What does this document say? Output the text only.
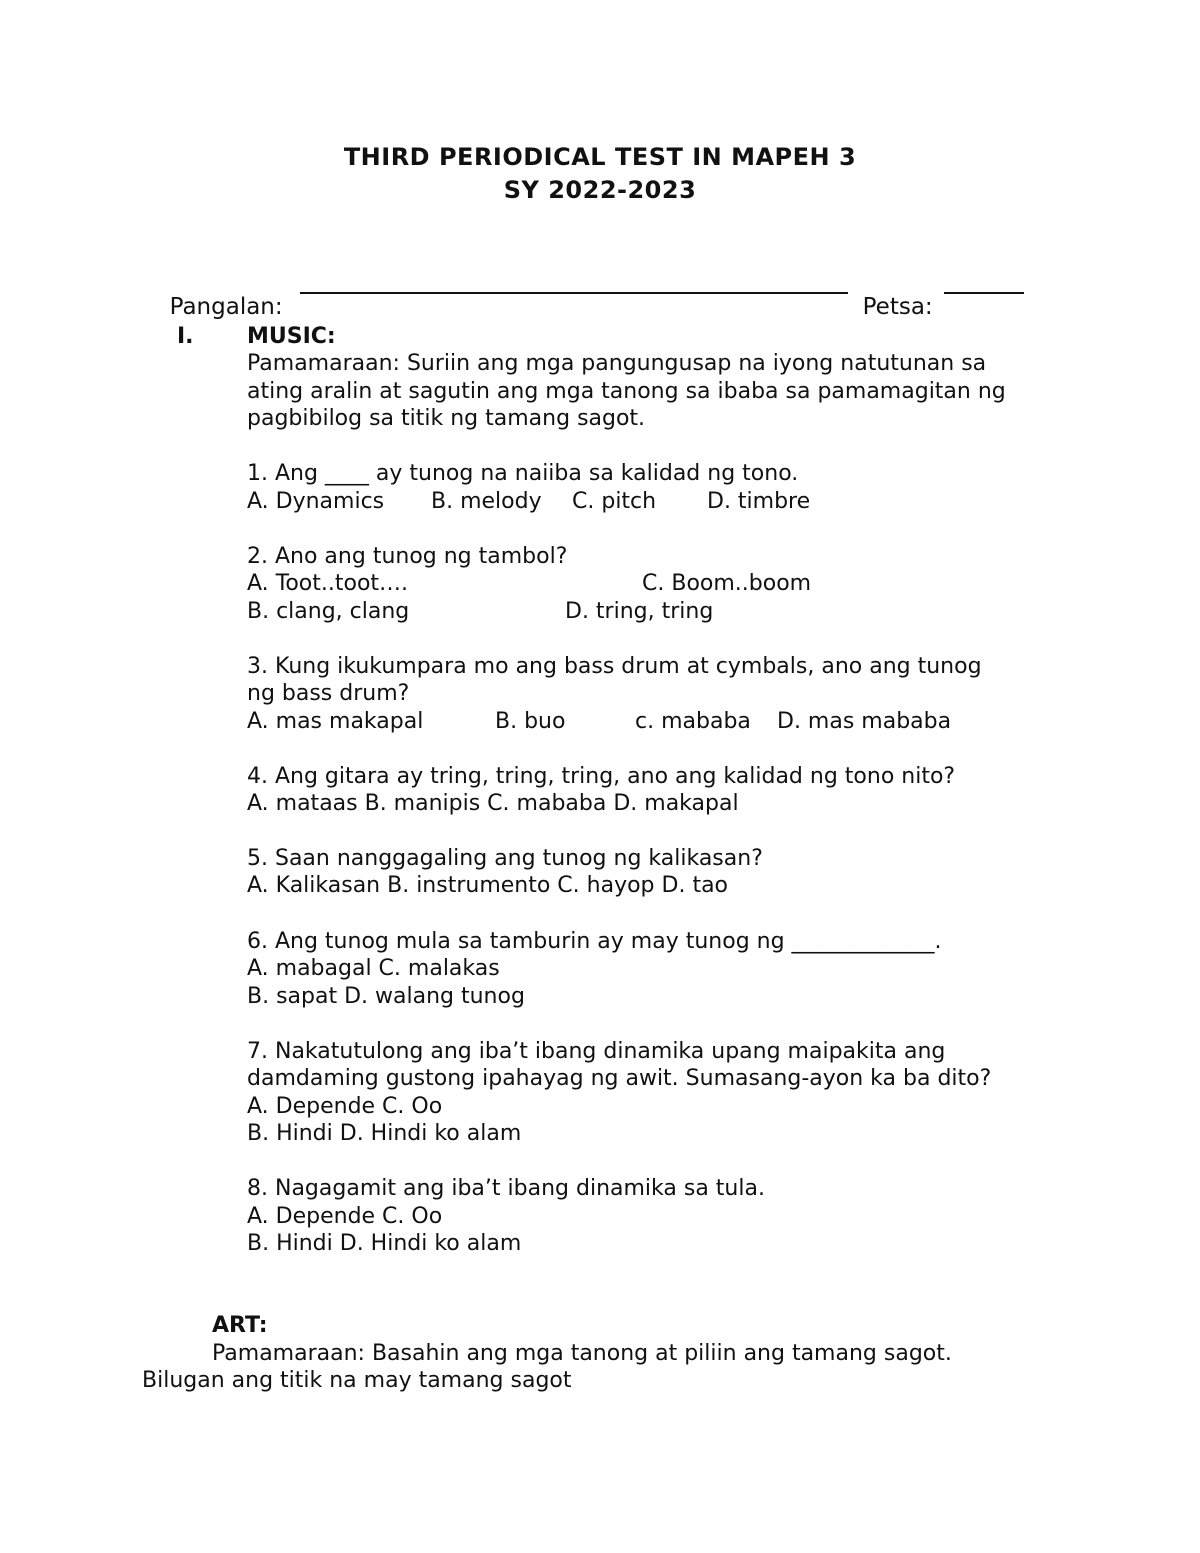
THIRD PERIODICAL TEST IN MAPEH 3
SY 2022-2023

Pangalan:	Petsa:

I. MUSIC:
Pamamaraan: Suriin ang mga pangungusap na iyong natutunan sa
ating aralin at sagutin ang mga tanong sa ibaba sa pamamagitan ng
pagbibilog sa titik ng tamang sagot.
1. Ang ____ ay tunog na naiiba sa kalidad ng tono.
A. Dynamics B. melody C. pitch D. timbre
2. Ano ang tunog ng tambol?
A. Toot..toot….	C. Boom..boom
B. clang, clang	D. tring, tring
3. Kung ikukumpara mo ang bass drum at cymbals, ano ang tunog
ng bass drum?
A. mas makapal	B. buo	c. mababa D. mas mababa
4. Ang gitara ay tring, tring, tring, ano ang kalidad ng tono nito?
A. mataas B. manipis C. mababa D. makapal
5. Saan nanggagaling ang tunog ng kalikasan?
A. Kalikasan B. instrumento C. hayop D. tao
6. Ang tunog mula sa tamburin ay may tunog ng _____________.
A. mabagal C. malakas
B. sapat D. walang tunog
7. Nakatutulong ang iba’t ibang dinamika upang maipakita ang
damdaming gustong ipahayag ng awit. Sumasang-ayon ka ba dito?
A. Depende C. Oo
B. Hindi D. Hindi ko alam
8. Nagagamit ang iba’t ibang dinamika sa tula.
A. Depende C. Oo
B. Hindi D. Hindi ko alam
ART:
Pamamaraan: Basahin ang mga tanong at piliin ang tamang sagot.
Bilugan ang titik na may tamang sagot
